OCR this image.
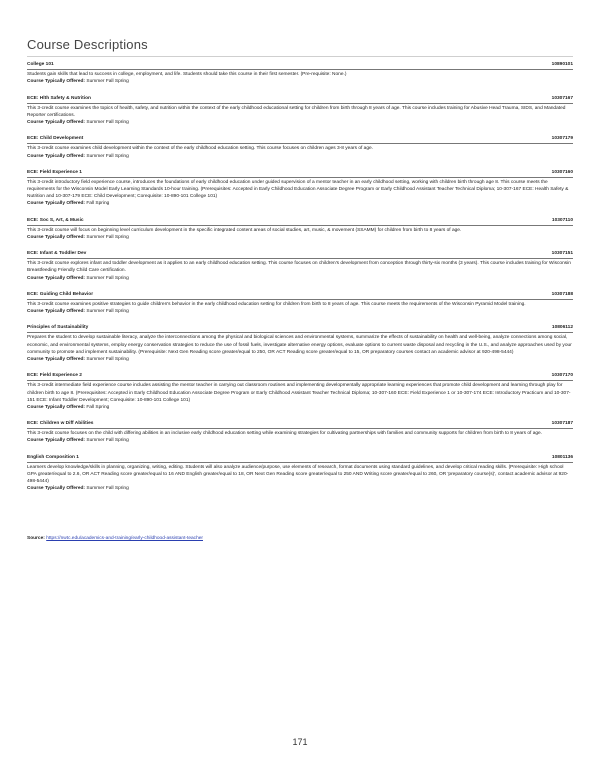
Course Descriptions
College 101	10890101
Students gain skills that lead to success in college, employment, and life. Students should take this course in their first semester. (Pre-requisite: None.)
Course Typically Offered: Summer Fall Spring
ECE: Hlth Safety & Nutrition	10307167
This 3-credit course examines the topics of health, safety, and nutrition within the context of the early childhood educational setting for children from birth through 8 years of age. This course includes training for Abusive Head Trauma, SIDS, and Mandated Reporter certifications.
Course Typically Offered: Summer Fall Spring
ECE: Child Development	10307179
This 3-credit course examines child development within the context of the early childhood education setting. This course focuses on children ages 3-8 years of age.
Course Typically Offered: Summer Fall Spring
ECE: Field Experience 1	10307160
This 3-credit introductory field experience course, introduces the foundations of early childhood education under guided supervision of a mentor teacher in an early childhood setting, working with children birth through age 8. This course meets the requirements for the Wisconsin Model Early Learning Standards 10-hour training. (Prerequisites: Accepted in Early Childhood Education Associate Degree Program or Early Childhood Assistant Teacher Technical Diploma; 10-307-167 ECE: Health Safety & Nutrition and 10-307-179 ECE: Child Development; Corequisite: 10-890-101 College 101)
Course Typically Offered: Fall Spring
ECE: Soc S, Art, & Music	10307110
This 3-credit course will focus on beginning level curriculum development in the specific integrated content areas of social studies, art, music, & movement (SSAMM) for children from birth to 8 years of age.
Course Typically Offered: Summer Fall Spring
ECE: Infant & Toddler Dev	10307151
This 3-credit course explores infant and toddler development as it applies to an early childhood education setting. This course focuses on children's development from conception through thirty-six months (3 years). This course includes training for Wisconsin Breastfeeding Friendly Child Care certification.
Course Typically Offered: Summer Fall Spring
ECE: Guiding Child Behavior	10307188
This 3-credit course examines positive strategies to guide children's behavior in the early childhood education setting for children from birth to 8 years of age. This course meets the requirements of the Wisconsin Pyramid Model training.
Course Typically Offered: Summer Fall Spring
Principles of Sustainability	10806112
Prepares the student to develop sustainable literacy, analyze the interconnections among the physical and biological sciences and environmental systems, summarize the effects of sustainability on health and well-being, analyze connections among social, economic, and environmental systems, employ energy conservation strategies to reduce the use of fossil fuels, investigate alternative energy options, evaluate options to current waste disposal and recycling in the U.S., and analyze approaches used by your community to promote and implement sustainability. (Prerequisite: Next Gen Reading score greater/equal to 250, OR ACT Reading score greater/equal to 15, OR preparatory courses contact an academic advisor at 920-498-5444)
Course Typically Offered: Summer Fall Spring
ECE: Field Experience 2	10307170
This 3-credit intermediate field experience course includes assisting the mentor teacher in carrying out classroom routines and implementing developmentally appropriate learning experiences that promote child development and learning through play for children birth to age 8. (Prerequisites: Accepted in Early Childhood Education Associate Degree Program or Early Childhood Assistant Teacher Technical Diploma; 10-307-160 ECE: Field Experience 1 or 10-307-174 ECE: Introductory Practicum and 10-307-151 ECE: Infant Toddler Development; Corequisite: 10-890-101 College 101)
Course Typically Offered: Fall Spring
ECE: Children w Diff Abilities	10307187
This 3-credit course focuses on the child with differing abilities in an inclusive early childhood education setting while examining strategies for cultivating partnerships with families and community supports for children from birth to 8 years of age.
Course Typically Offered: Summer Fall Spring
English Composition 1	10801136
Learners develop knowledge/skills in planning, organizing, writing, editing. Students will also analyze audience/purpose, use elements of research, format documents using standard guidelines, and develop critical reading skills. (Prerequisite: High school GPA greater/equal to 2.6, OR ACT Reading score greater/equal to 16 AND English greater/equal to 18, OR Next Gen Reading score greater/equal to 250 AND Writing score greater/equal to 260, OR 'preparatory course(s)', contact academic advisor at 920-498-5444)
Course Typically Offered: Summer Fall Spring
Source: https://nwtc.edu/academics-and-training/early-childhood-assistant-teacher
171
